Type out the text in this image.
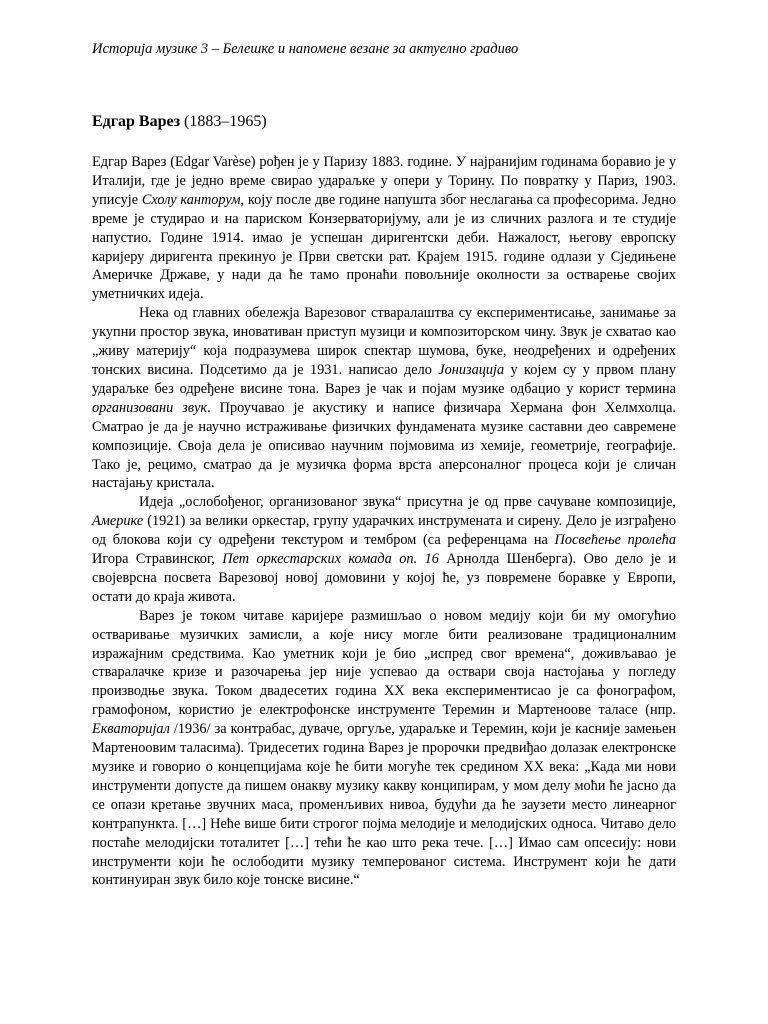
Историја музике 3 – Белешке и напомене везане за актуелно градиво
Едгар Варез (1883–1965)

Едгар Варез (Edgar Varèse) рођен је у Паризу 1883. године. У најранијим годинама боравио је у Италији, где је једно време свирао удараљке у опери у Торину. По повратку у Париз, 1903. уписује Схолу канторум, коју после две године напушта због неслагања са професорима. Једно време је студирао и на париском Конзерваторијуму, али је из сличних разлога и те студије напустио. Године 1914. имао је успешан диригентски деби. Нажалост, његову европску каријеру диригента прекинуо је Први светски рат. Крајем 1915. године одлази у Сједињене Америчке Државе, у нади да ће тамо пронаћи повољније околности за остварење својих уметничких идеја.

Нека од главних обележја Варезовог стваралаштва су експериментисање, занимање за укупни простор звука, иновативан приступ музици и композиторском чину. Звук је схватао као „живу материју“ која подразумева широк спектар шумова, буке, неодређених и одређених тонских висина. Подсетимо да је 1931. написао дело Јонизација у којем су у првом плану удараљке без одређене висине тона. Варез је чак и појам музике одбацио у корист термина организовани звук. Проучавао је акустику и написе физичара Хермана фон Хелмхолца. Сматрао је да је научно истраживање физичких фундамената музике саставни део савремене композиције. Своја дела је описивао научним појмовима из хемије, геометрије, географије. Тако је, рецимо, сматрао да је музичка форма врста аперсоналног процеса који је сличан настајању кристала.

Идеја „ослобођеног, организованог звука“ присутна је од прве сачуване композиције, Америке (1921) за велики оркестар, групу ударачких инструмената и сирену. Дело је изграђено од блокова који су одређени текстуром и тембром (са референцама на Посвећење пролећа Игора Стравинског, Пет оркестарских комада оп. 16 Арнолда Шенберга). Ово дело је и својеврсна посвета Варезовој новој домовини у којој ће, уз повремене боравке у Европи, остати до краја живота.

Варез је током читаве каријере размишљао о новом медију који би му омогућио остваривање музичких замисли, а које нису могле бити реализоване традиционалним изражајним средствима. Као уметник који је био „испред свог времена“, доживљавао је стваралачке кризе и разочарења јер није успевао да оствари своја настојања у погледу производње звука. Током двадесетих година XX века експериментисао је са фонографом, грамофоном, користио је електрофонске инструменте Теремин и Мартеноове таласе (нпр. Екваторијал /1936/ за контрабас, дуваче, оргуље, удараљке и Теремин, који је касније замењен Мартеноовим таласима). Тридесетих година Варез је пророчки предвиђао долазак електронске музике и говорио о концепцијама које ће бити могуће тек средином XX века: „Када ми нови инструменти допусте да пишем онакву музику какву конципирам, у мом делу моћи ће јасно да се опази кретање звучних маса, променљивих нивоа, будући да ће заузети место линеарног контрапункта. […] Неће више бити строгог појма мелодије и мелодијских односа. Читаво дело постаће мелодијски тоталитет […] тећи ће као што река тече. […] Имао сам опсесију: нови инструменти који ће ослободити музику темперованог система. Инструмент који ће дати континуиран звук било које тонске висине.“
